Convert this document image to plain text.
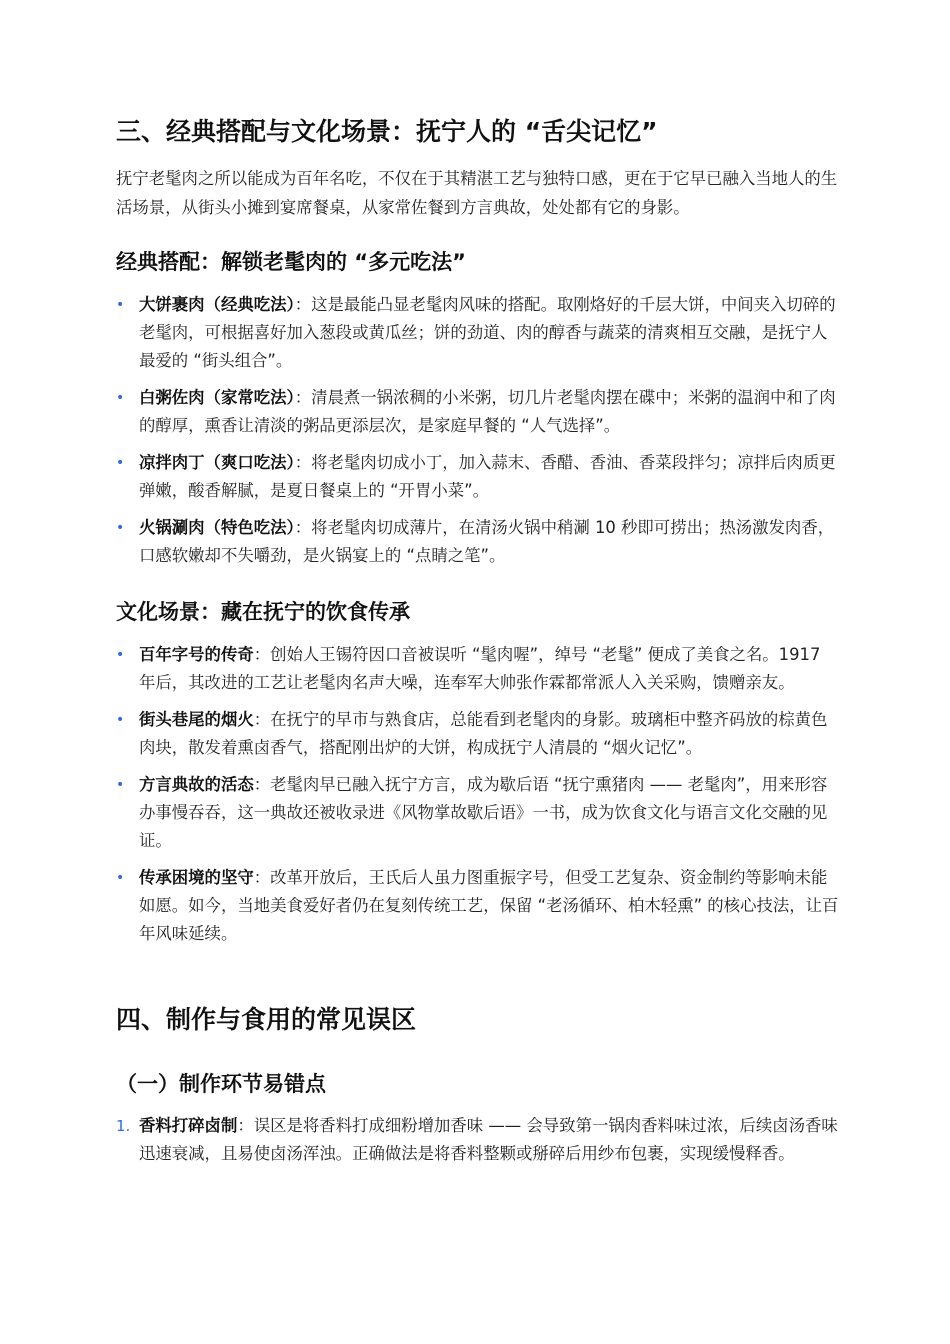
三、经典搭配与文化场景：抚宁人的 “舌尖记忆”

抚宁老髦肉之所以能成为百年名吃，不仅在于其精湛工艺与独特口感，更在于它早已融入当地人的生活场景，从街头小摊到宴席餐桌，从家常佐餐到方言典故，处处都有它的身影。

经典搭配：解锁老髦肉的 “多元吃法”
• 大饼裹肉（经典吃法）：这是最能凸显老髦肉风味的搭配。取刚烙好的千层大饼，中间夹入切碎的老髦肉，可根据喜好加入葱段或黄瓜丝；饼的劲道、肉的醇香与蔬菜的清爽相互交融，是抚宁人最爱的 “街头组合”。
• 白粥佐肉（家常吃法）：清晨煮一锅浓稠的小米粥，切几片老髦肉摆在碟中；米粥的温润中和了肉的醇厚，熏香让清淡的粥品更添层次，是家庭早餐的 “人气选择”。
• 凉拌肉丁（爽口吃法）：将老髦肉切成小丁，加入蒜末、香醋、香油、香菜段拌匀；凉拌后肉质更弹嫩，酸香解腻，是夏日餐桌上的 “开胃小菜”。
• 火锅涮肉（特色吃法）：将老髦肉切成薄片，在清汤火锅中稍涮 10 秒即可捞出；热汤激发肉香，口感软嫩却不失嚼劲，是火锅宴上的 “点睛之笔”。
文化场景：藏在抚宁的饮食传承
• 百年字号的传奇：创始人王锡符因口音被误听 “髦肉喔”，绰号 “老髦” 便成了美食之名。1917 年后，其改进的工艺让老髦肉名声大噪，连奉军大帅张作霖都常派人入关采购，馈赠亲友。
• 街头巷尾的烟火：在抚宁的早市与熟食店，总能看到老髦肉的身影。玻璃柜中整齐码放的棕黄色肉块，散发着熏卤香气，搭配刚出炉的大饼，构成抚宁人清晨的 “烟火记忆”。
• 方言典故的活态：老髦肉早已融入抚宁方言，成为歇后语 “抚宁熏猪肉 —— 老髦肉”，用来形容办事慢吞吞，这一典故还被收录进《风物掌故歇后语》一书，成为饮食文化与语言文化交融的见证。
• 传承困境的坚守：改革开放后，王氏后人虽力图重振字号，但受工艺复杂、资金制约等影响未能如愿。如今，当地美食爱好者仍在复刻传统工艺，保留 “老汤循环、柏木轻熏” 的核心技法，让百年风味延续。
四、制作与食用的常见误区
（一）制作环节易错点
1. 香料打碎卤制：误区是将香料打成细粉增加香味 —— 会导致第一锅肉香料味过浓，后续卤汤香味迅速衰减，且易使卤汤浑浊。正确做法是将香料整颗或掰碎后用纱布包裹，实现缓慢释香。
